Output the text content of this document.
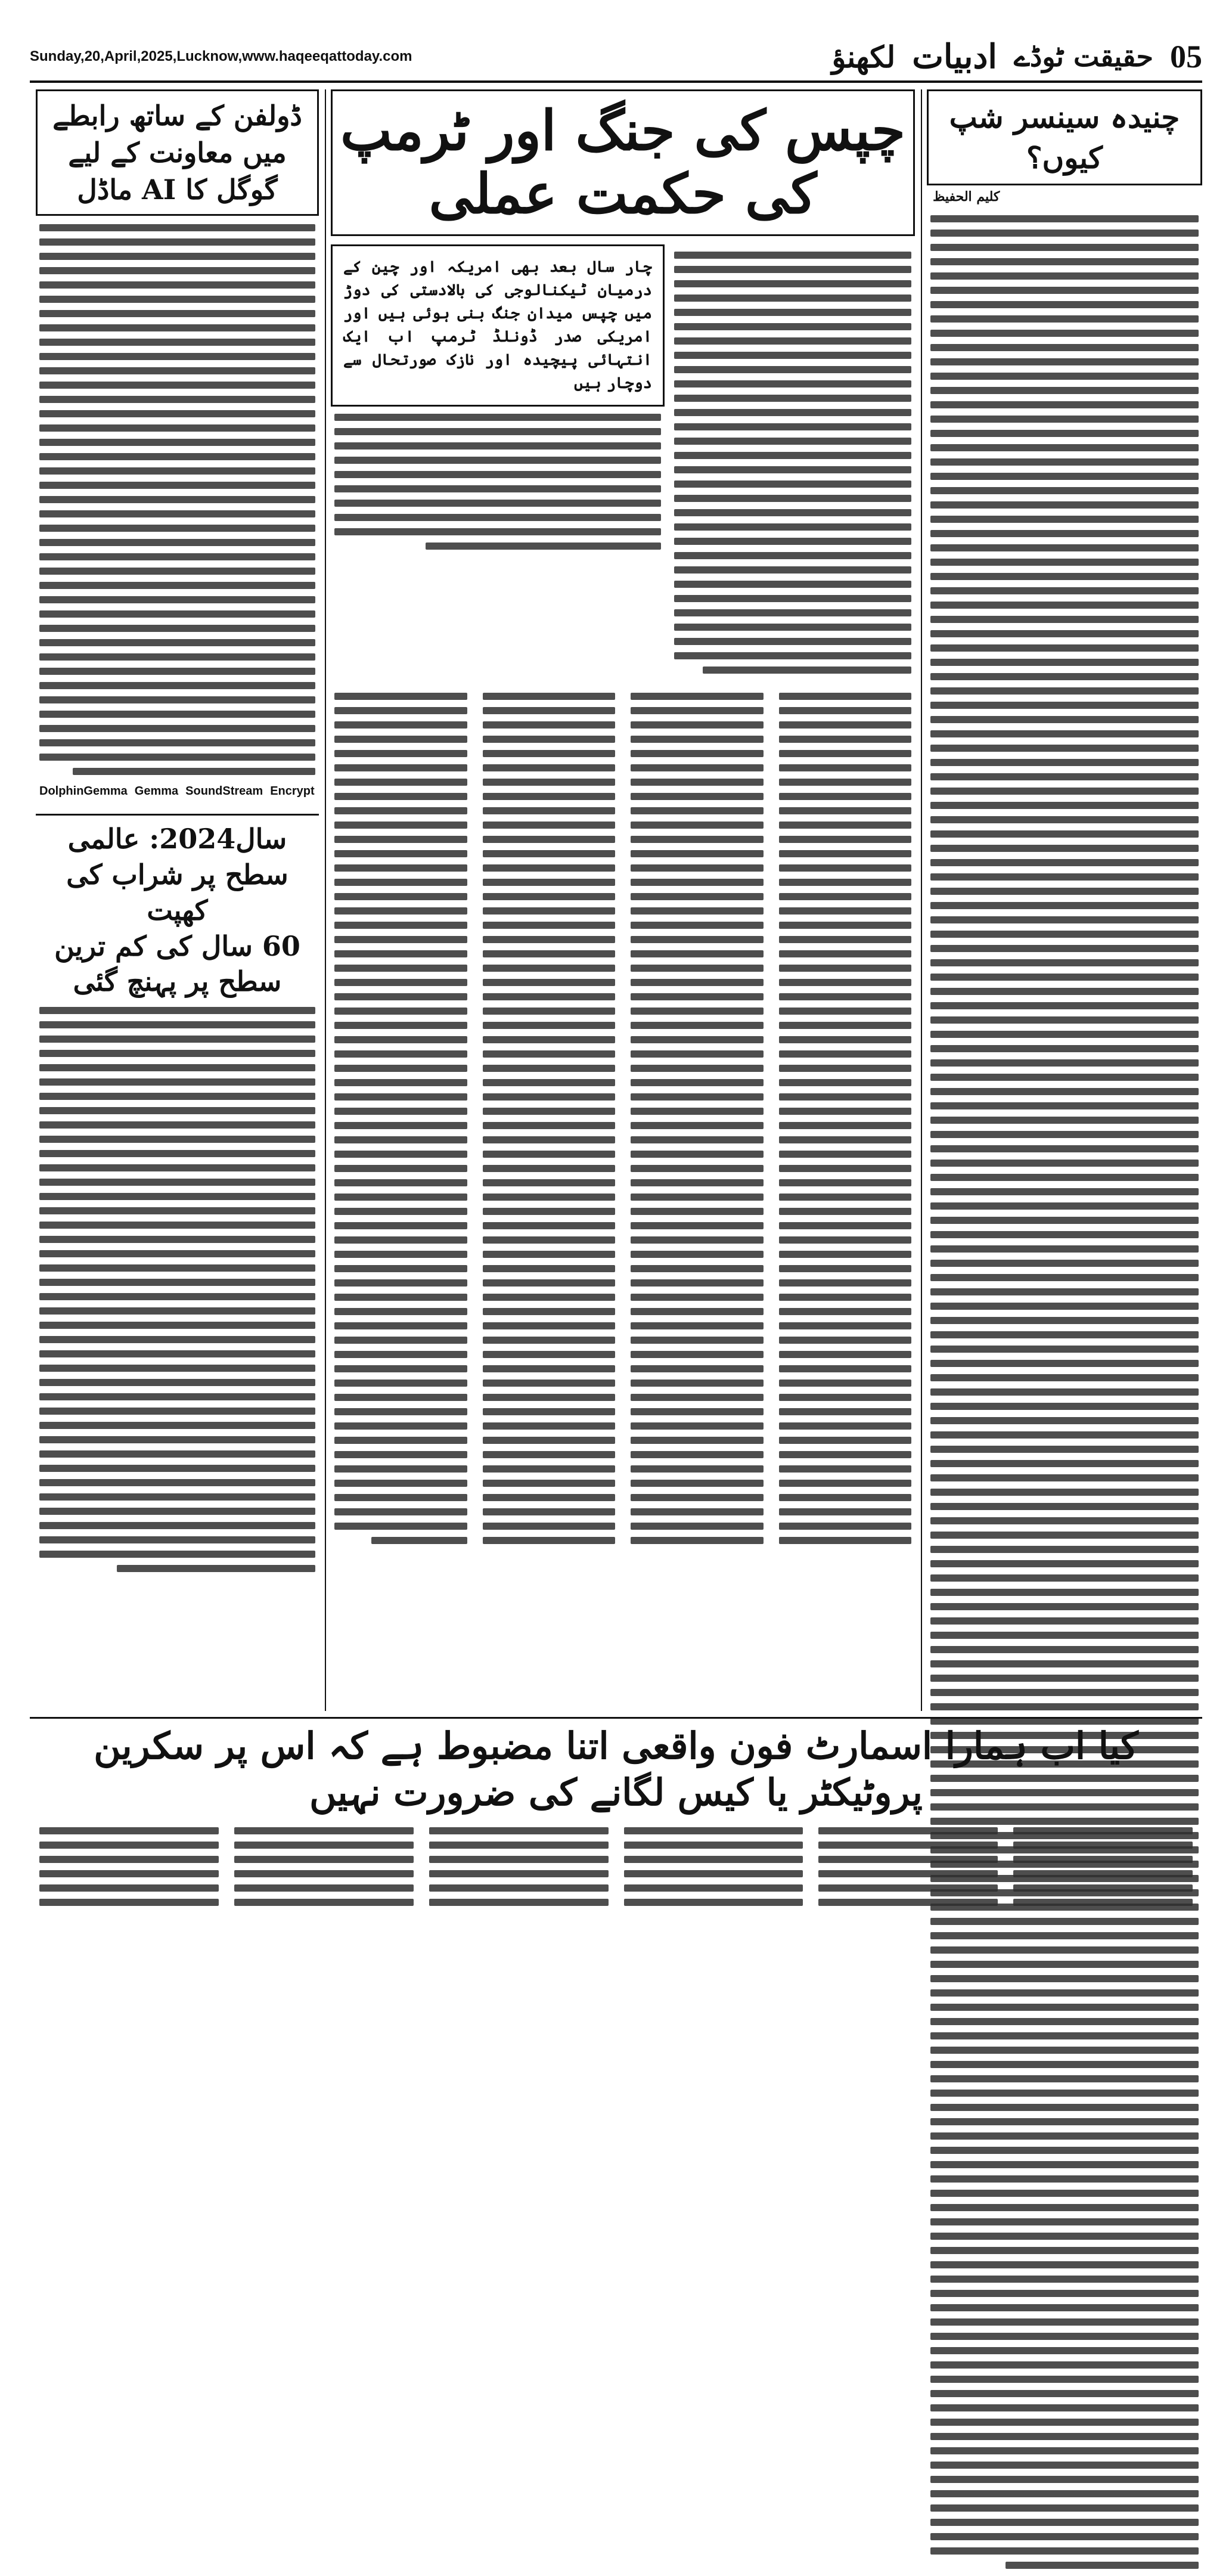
Sunday,20,April,2025,Lucknow,www.haqeeqattoday.com	05
حقیقت ٹوڈے
ادبیات
لکھنؤ
ڈولفن کے ساتھ رابطے میں معاونت کے لیے گوگل کا AI ماڈل
DolphinGemma Gemma SoundStream Encrypt
سال2024: عالمی سطح پر شراب کی کھپت
60 سال کی کم ترین سطح پر پہنچ گئی
چپس کی جنگ اور ٹرمپ کی حکمت عملی
چار سال بعد بھی امریکہ اور چین کے درمیان ٹیکنالوجی کی بالادستی کی دوڑ میں چپس میدان جنگ بنی ہوئی ہیں اور امریکی صدر ڈونلڈ ٹرمپ اب ایک انتہائی پیچیدہ اور نازک صورتحال سے دوچار ہیں
چنیدہ سینسر شپ کیوں؟
کلیم الحفیظ
کیا اب ہمارا اسمارٹ فون واقعی اتنا مضبوط ہے کہ اس پر سکرین پروٹیکٹر یا کیس لگانے کی ضرورت نہیں
